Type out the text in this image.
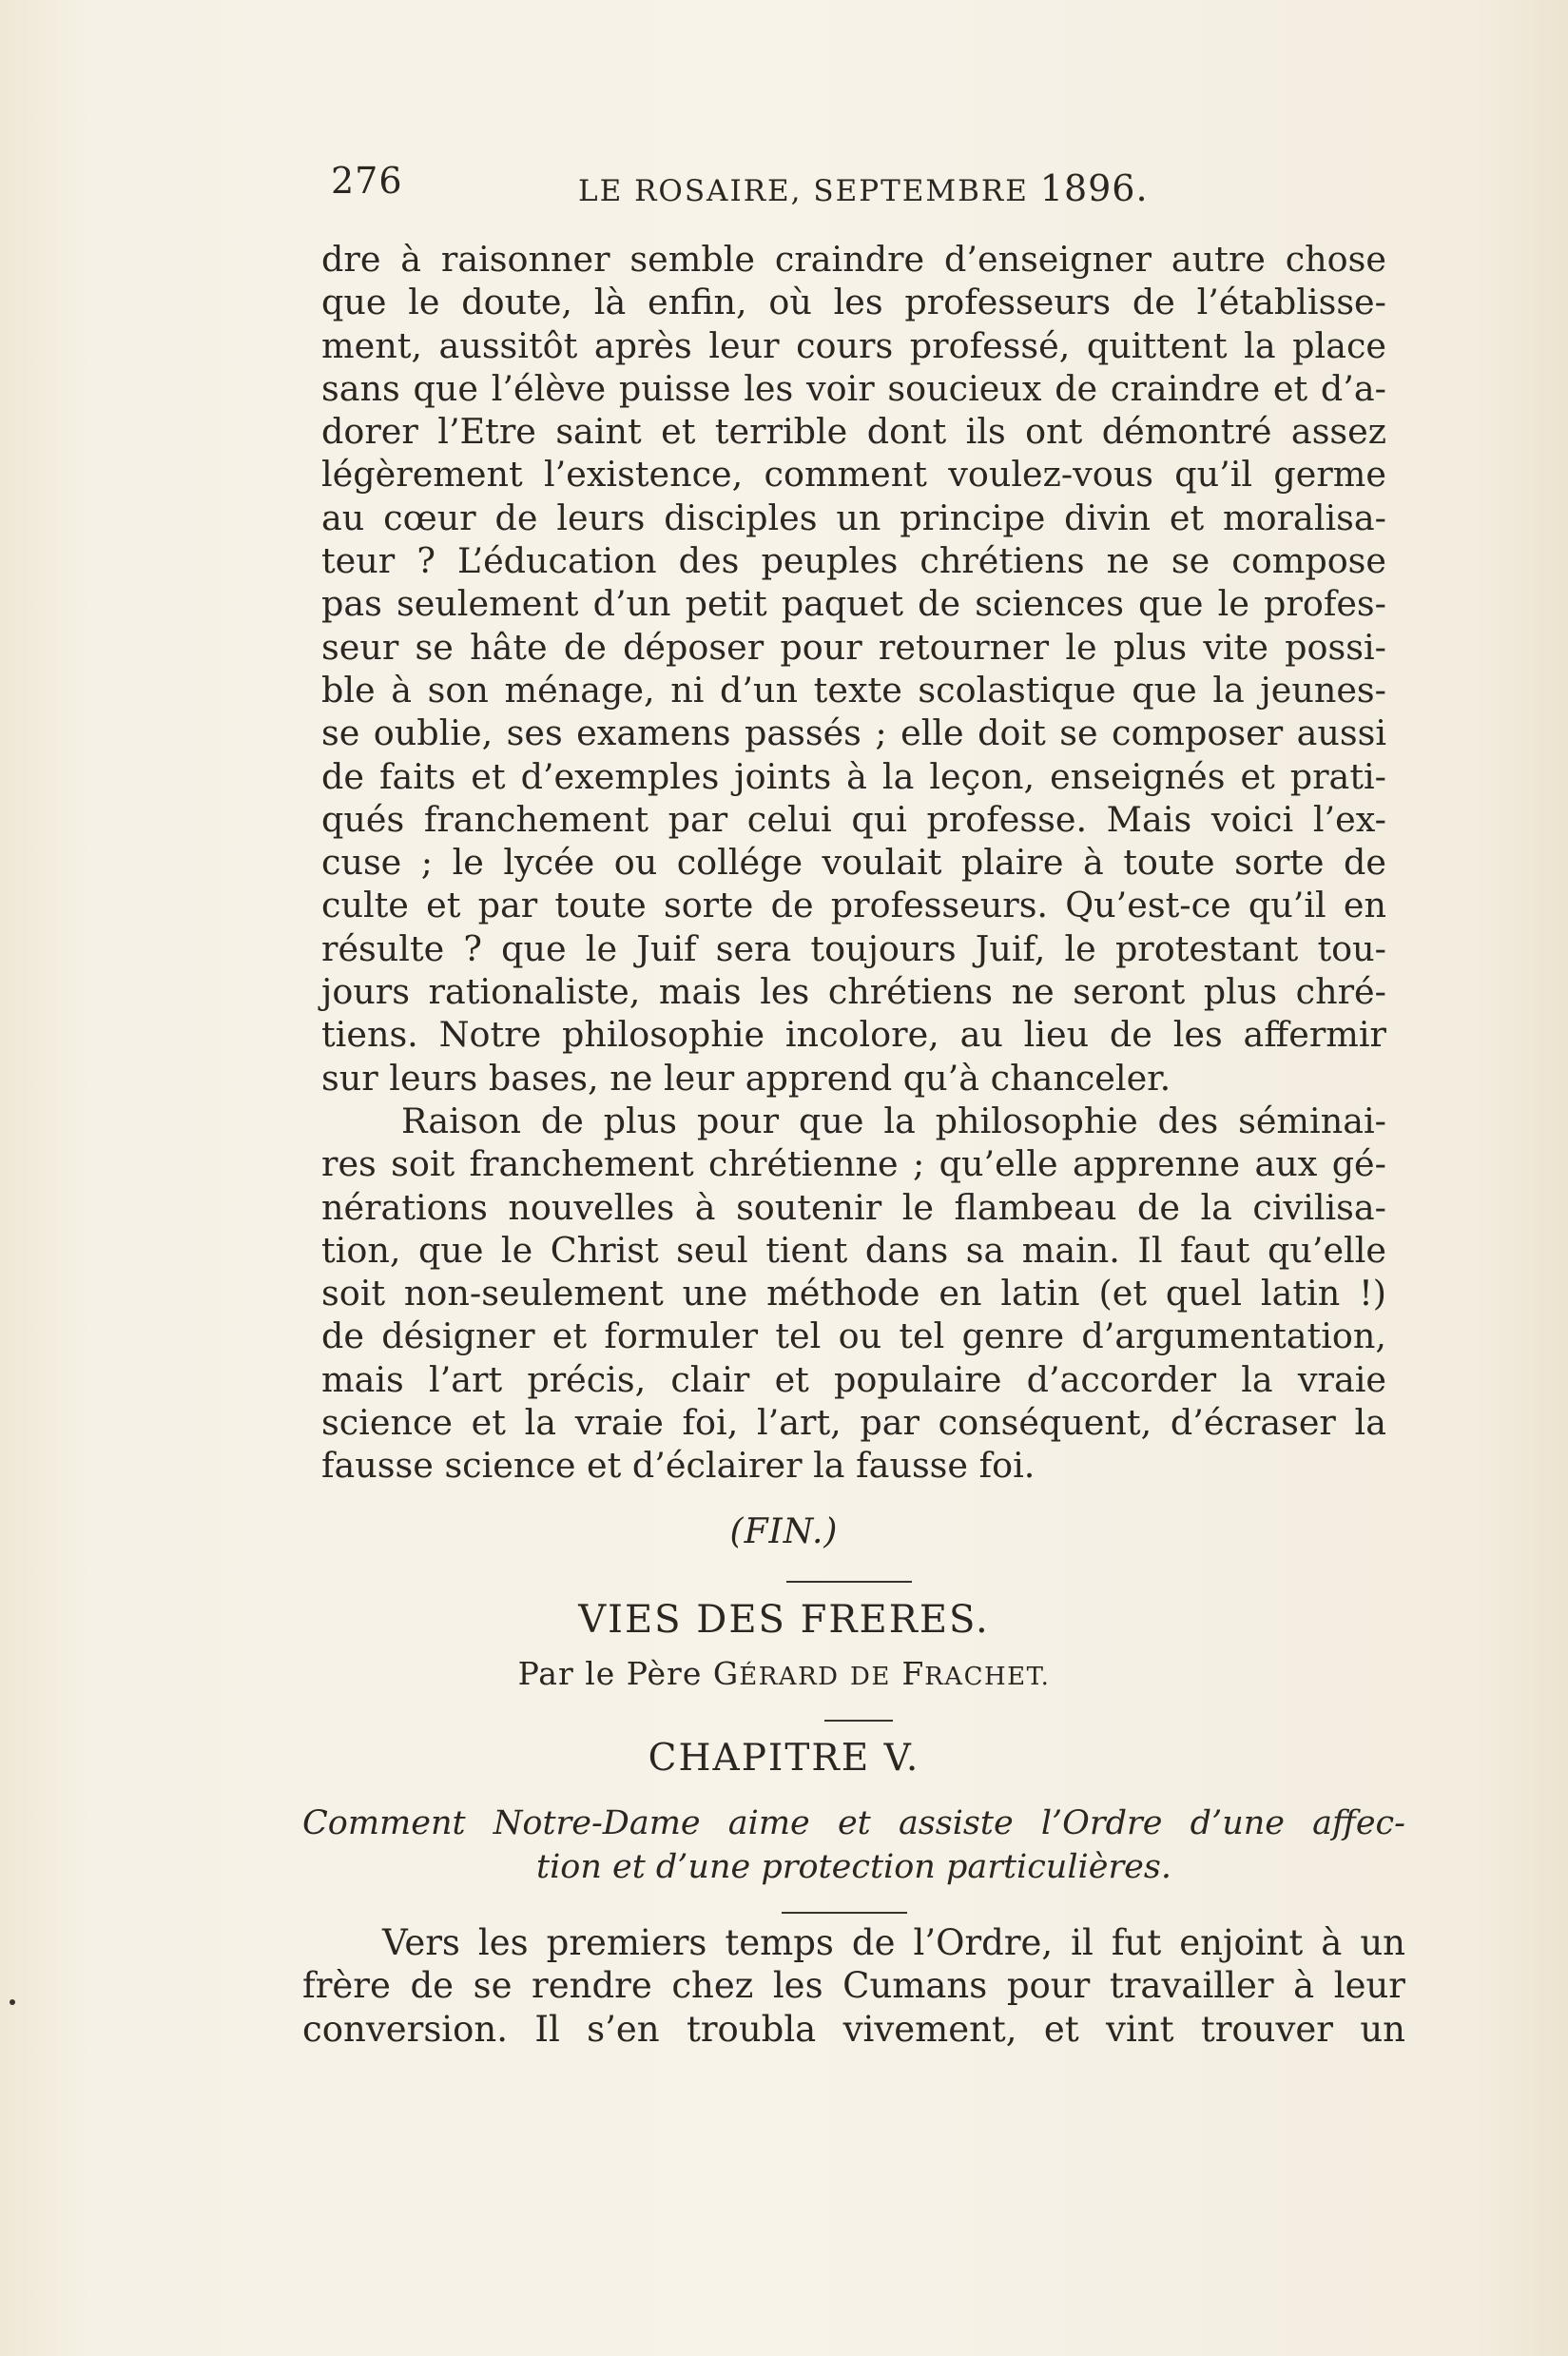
276	LE ROSAIRE, SEPTEMBRE 1896.
dre à raisonner semble craindre d’enseigner autre chose
que le doute, là enfin, où les professeurs de l’établisse-
ment, aussitôt après leur cours professé, quittent la place
sans que l’élève puisse les voir soucieux de craindre et d’a-
dorer l’Etre saint et terrible dont ils ont démontré assez
légèrement l’existence, comment voulez-vous qu’il germe
au cœur de leurs disciples un principe divin et moralisa-
teur ? L’éducation des peuples chrétiens ne se compose
pas seulement d’un petit paquet de sciences que le profes-
seur se hâte de déposer pour retourner le plus vite possi-
ble à son ménage, ni d’un texte scolastique que la jeunes-
se oublie, ses examens passés ; elle doit se composer aussi
de faits et d’exemples joints à la leçon, enseignés et prati-
qués franchement par celui qui professe. Mais voici l’ex-
cuse ; le lycée ou collége voulait plaire à toute sorte de
culte et par toute sorte de professeurs. Qu’est-ce qu’il en
résulte ? que le Juif sera toujours Juif, le protestant tou-
jours rationaliste, mais les chrétiens ne seront plus chré-
tiens. Notre philosophie incolore, au lieu de les affermir
sur leurs bases, ne leur apprend qu’à chanceler.
Raison de plus pour que la philosophie des séminai-
res soit franchement chrétienne ; qu’elle apprenne aux gé-
nérations nouvelles à soutenir le flambeau de la civilisa-
tion, que le Christ seul tient dans sa main. Il faut qu’elle
soit non-seulement une méthode en latin (et quel latin !)
de désigner et formuler tel ou tel genre d’argumentation,
mais l’art précis, clair et populaire d’accorder la vraie
science et la vraie foi, l’art, par conséquent, d’écraser la
fausse science et d’éclairer la fausse foi.
(FIN.)
VIES DES FRERES.
Par le Père GÉRARD DE FRACHET.
CHAPITRE V.
Comment Notre-Dame aime et assiste l’Ordre d’une affec-
tion et d’une protection particulières.
Vers les premiers temps de l’Ordre, il fut enjoint à un
frère de se rendre chez les Cumans pour travailler à leur
conversion. Il s’en troubla vivement, et vint trouver un
